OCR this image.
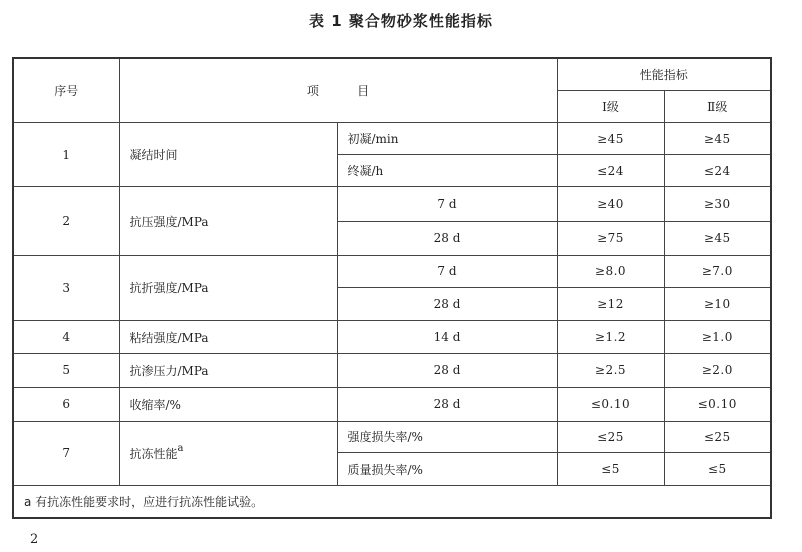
表 1 聚合物砂浆性能指标
序号	项          目		性能指标	
			Ⅰ级	Ⅱ级
1	凝结时间	初凝/min	≥45	≥45
		终凝/h	≤24	≤24
2	抗压强度/MPa	7 d	≥40	≥30
		28 d	≥75	≥45
3	抗折强度/MPa	7 d	≥8.0	≥7.0
		28 d	≥12	≥10
4	粘结强度/MPa	14 d	≥1.2	≥1.0
5	抗渗压力/MPa	28 d	≥2.5	≥2.0
6	收缩率/%	28 d	≤0.10	≤0.10
7	抗冻性能$^a$	强度损失率/%	≤25	≤25
		质量损失率/%	≤5	≤5
a 有抗冻性能要求时，应进行抗冻性能试验。				
2
